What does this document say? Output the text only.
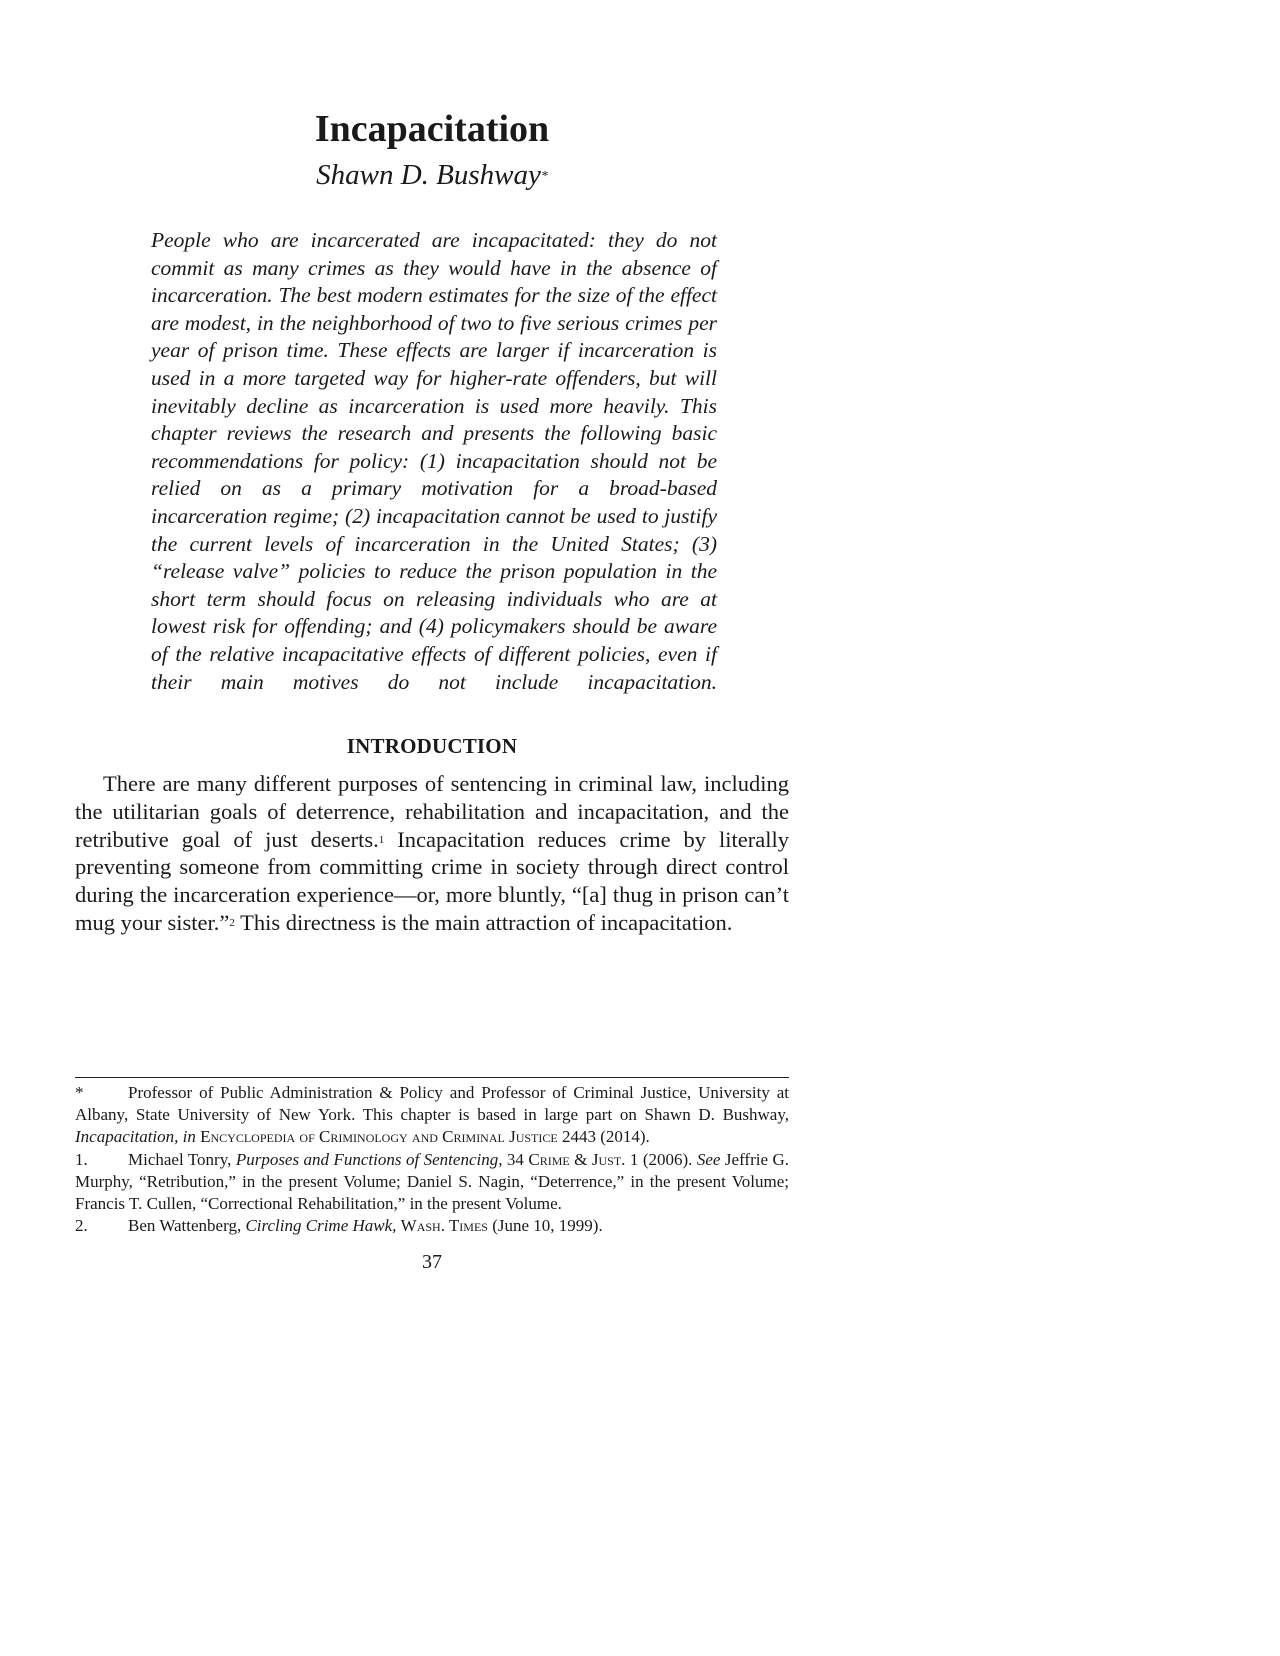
Incapacitation
Shawn D. Bushway*

People who are incarcerated are incapacitated: they do not commit as many crimes as they would have in the absence of incarceration. The best modern estimates for the size of the effect are modest, in the neighborhood of two to five serious crimes per year of prison time. These effects are larger if incarceration is used in a more targeted way for higher-rate offenders, but will inevitably decline as incarceration is used more heavily. This chapter reviews the research and presents the following basic recommendations for policy: (1) incapacitation should not be relied on as a primary motivation for a broad-based incarceration regime; (2) incapacitation cannot be used to justify the current levels of incarceration in the United States; (3) “release valve” policies to reduce the prison population in the short term should focus on releasing individuals who are at lowest risk for offending; and (4) policymakers should be aware of the relative incapacitative effects of different policies, even if their main motives do not include incapacitation.

INTRODUCTION

There are many different purposes of sentencing in criminal law, including the utilitarian goals of deterrence, rehabilitation and incapacitation, and the retributive goal of just deserts.$^1$ Incapacitation reduces crime by literally preventing someone from committing crime in society through direct control during the incarceration experience—or, more bluntly, “[a] thug in prison can’t mug your sister.”$^2$ This directness is the main attraction of incapacitation.

*	Professor of Public Administration & Policy and Professor of Criminal Justice, University at Albany, State University of New York. This chapter is based in large part on Shawn D. Bushway, Incapacitation, in Encyclopedia of Criminology and Criminal Justice 2443 (2014).

1. Michael Tonry, Purposes and Functions of Sentencing, 34 Crime & Just. 1 (2006). See Jeffrie G. Murphy, “Retribution,” in the present Volume; Daniel S. Nagin, “Deterrence,” in the present Volume; Francis T. Cullen, “Correctional Rehabilitation,” in the present Volume.

2. Ben Wattenberg, Circling Crime Hawk, Wash. Times (June 10, 1999).

37
